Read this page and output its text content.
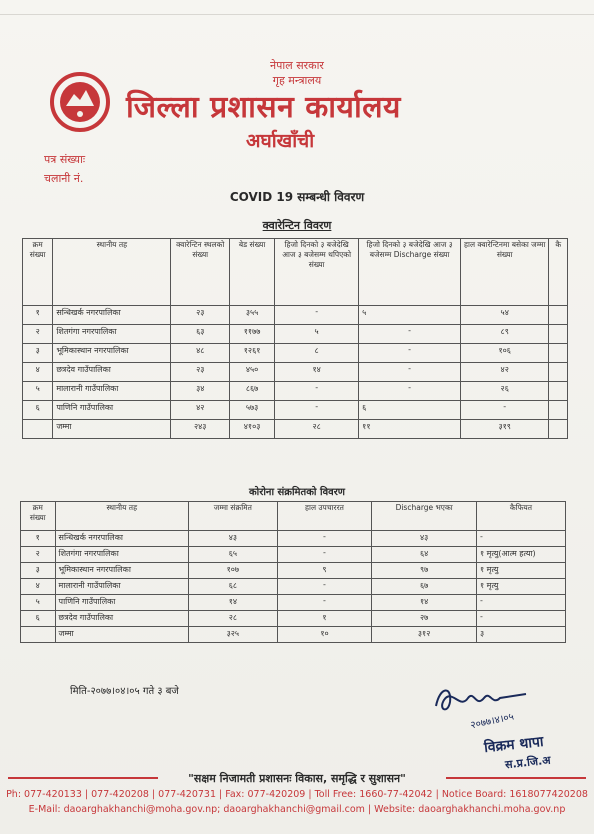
नेपाल सरकार
गृह मन्त्रालय
जिल्ला प्रशासन कार्यालय
अर्घाखाँची
पत्र संख्याः
चलानी नं.
COVID 19 सम्बन्धी विवरण
क्वारेन्टिन विवरण
क्रम संख्या	स्थानीय तह	क्वारेन्टिन स्थलको संख्या	बेड संख्या	हिजो दिनको ३ बजेदेखि आज ३ बजेसम्म थपिएको संख्या	हिजो दिनको ३ बजेदेखि आज ३ बजेसम्म Discharge संख्या	हाल क्वारेन्टिनमा बसेका जम्मा संख्या	कै
१	सन्धिखर्क नगरपालिका	२३	३५५	-	५	५४	
२	शितगंगा नगरपालिका	६३	११७७	५	-	८९	
३	भूमिकास्थान नगरपालिका	४८	१२६१	८	-	१०६	
४	छत्रदेव गाउँपालिका	२३	४५०	१४	-	४२	
५	मालारानी गाउँपालिका	३४	८६७	-	-	२६	
६	पाणिनि गाउँपालिका	४२	५७३	-	६	-	
	जम्मा	२४३	४१०३	२८	११	३१९	
कोरोना संक्रमितको विवरण
क्रम संख्या	स्थानीय तह	जम्मा संक्रमित	हाल उपचाररत	Discharge भएका	कैफियत
१	सन्धिखर्क नगरपालिका	४३	-	४३	-
२	शितगंगा नगरपालिका	६५	-	६४	१ मृत्यु(आत्म हत्या)
३	भूमिकास्थान नगरपालिका	१०७	९	९७	१ मृत्यु
४	मालारानी गाउँपालिका	६८	-	६७	१ मृत्यु
५	पाणिनि गाउँपालिका	१४	-	१४	-
६	छत्रदेव गाउँपालिका	२८	१	२७	-
	जम्मा	३२५	१०	३१२	३
मिति-२०७७।०४।०५ गते ३ बजे
२०७७।४।०५
विक्रम थापा
स.प्र.जि.अ
"सक्षम निजामती प्रशासनः विकास, समृद्धि र सुशासन"
Ph: 077-420133 | 077-420208 | 077-420731 | Fax: 077-420209 | Toll Free: 1660-77-42042 | Notice Board: 1618077420208
E-Mail: daoarghakhanchi@moha.gov.np; daoarghakhanchi@gmail.com | Website: daoarghakhanchi.moha.gov.np
